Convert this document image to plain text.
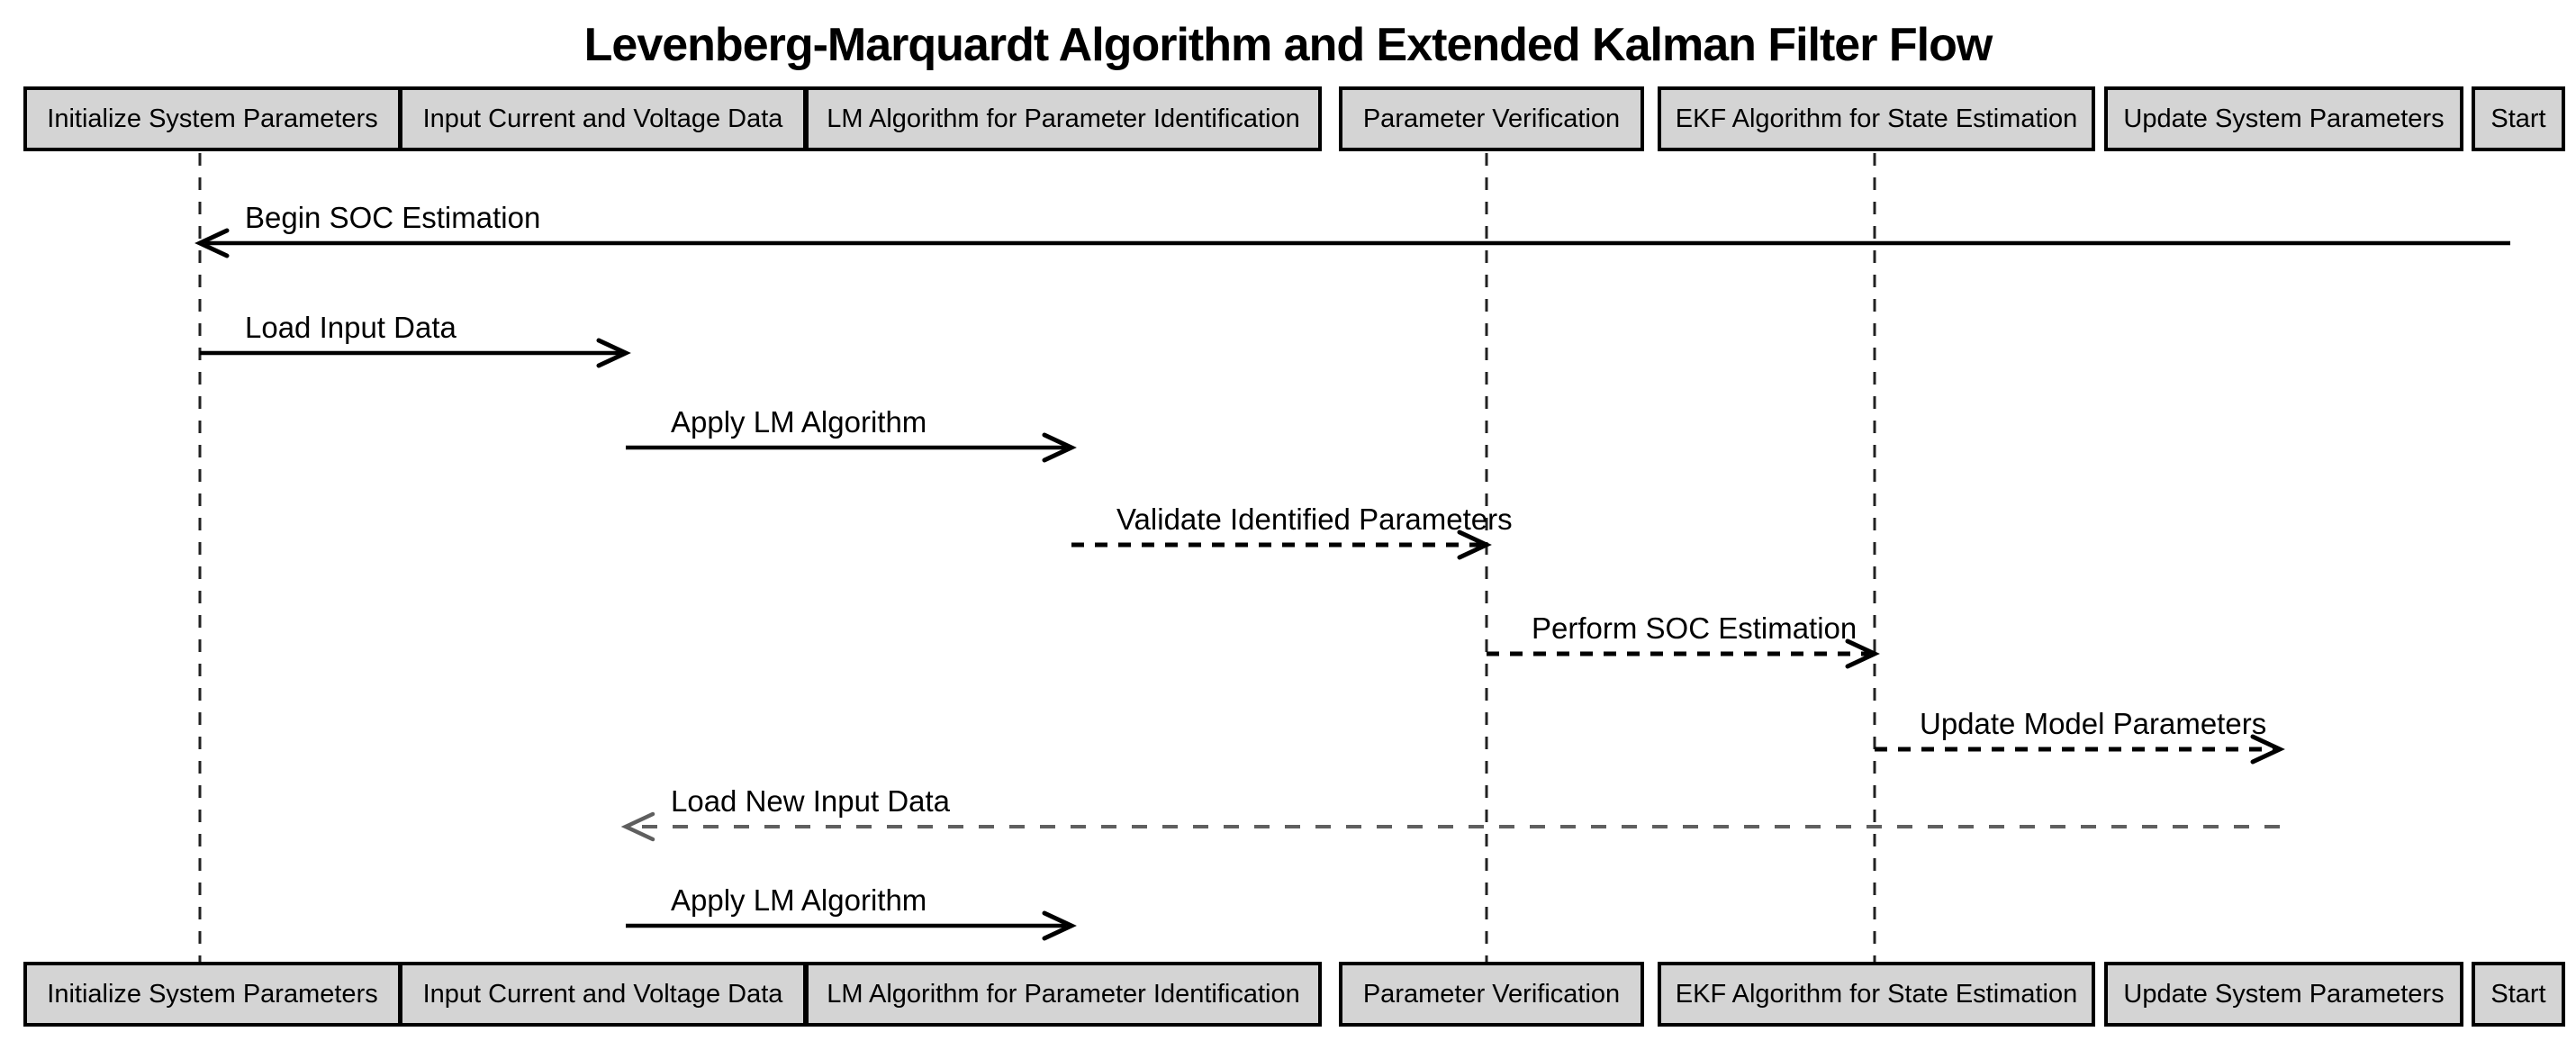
Levenberg-Marquardt Algorithm and Extended Kalman Filter Flow
Initialize System Parameters Input Current and Voltage Data LM Algorithm for Parameter Identification Parameter Verification EKF Algorithm for State Estimation Update System Parameters Start
Initialize System Parameters Input Current and Voltage Data LM Algorithm for Parameter Identification Parameter Verification EKF Algorithm for State Estimation Update System Parameters Start
Begin SOC Estimation
Load Input Data
Apply LM Algorithm
Validate Identified Parameters
Perform SOC Estimation
Update Model Parameters
Load New Input Data
Apply LM Algorithm
